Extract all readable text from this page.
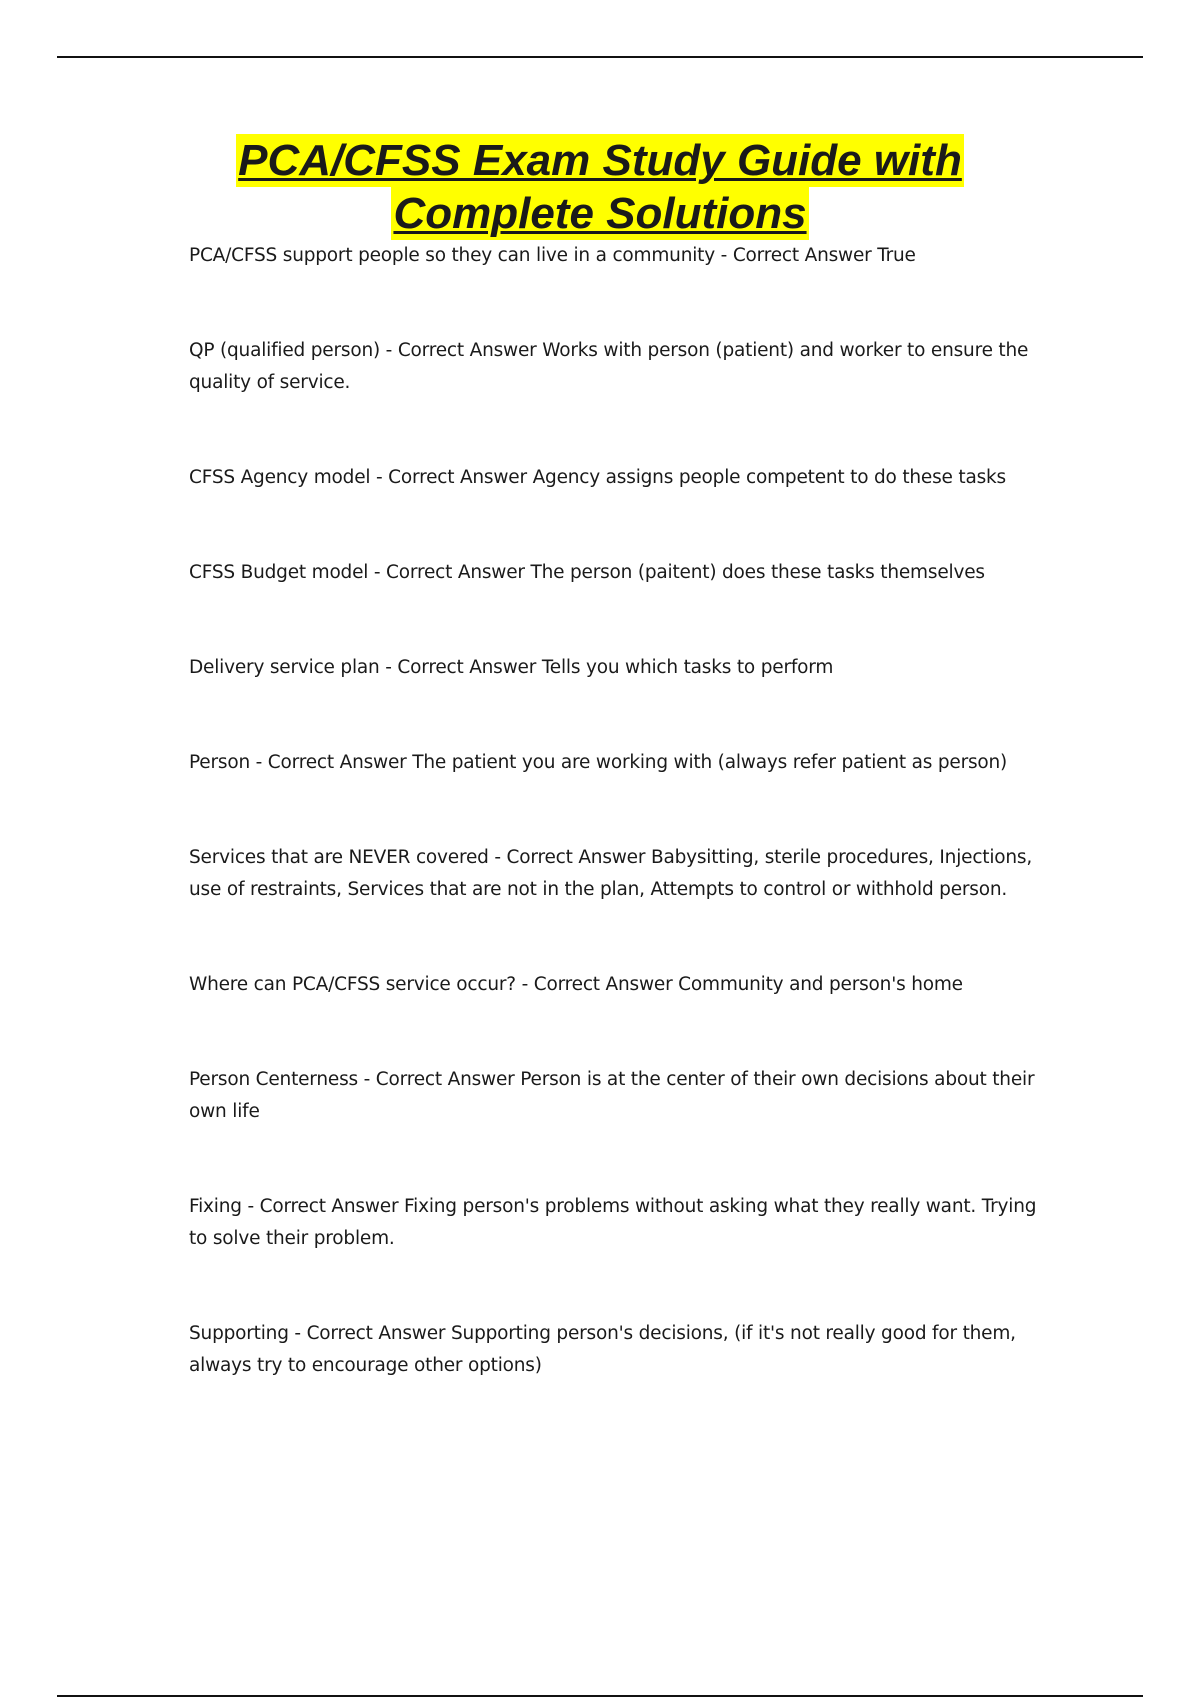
PCA/CFSS Exam Study Guide with
Complete Solutions

PCA/CFSS support people so they can live in a community - Correct Answer True

QP (qualified person) - Correct Answer Works with person (patient) and worker to ensure the quality of service.

CFSS Agency model - Correct Answer Agency assigns people competent to do these tasks

CFSS Budget model - Correct Answer The person (paitent) does these tasks themselves

Delivery service plan - Correct Answer Tells you which tasks to perform

Person - Correct Answer The patient you are working with (always refer patient as person)

Services that are NEVER covered - Correct Answer Babysitting, sterile procedures, Injections, use of restraints, Services that are not in the plan, Attempts to control or withhold person.

Where can PCA/CFSS service occur? - Correct Answer Community and person's home

Person Centerness - Correct Answer Person is at the center of their own decisions about their own life

Fixing - Correct Answer Fixing person's problems without asking what they really want. Trying to solve their problem.

Supporting - Correct Answer Supporting person's decisions, (if it's not really good for them, always try to encourage other options)
